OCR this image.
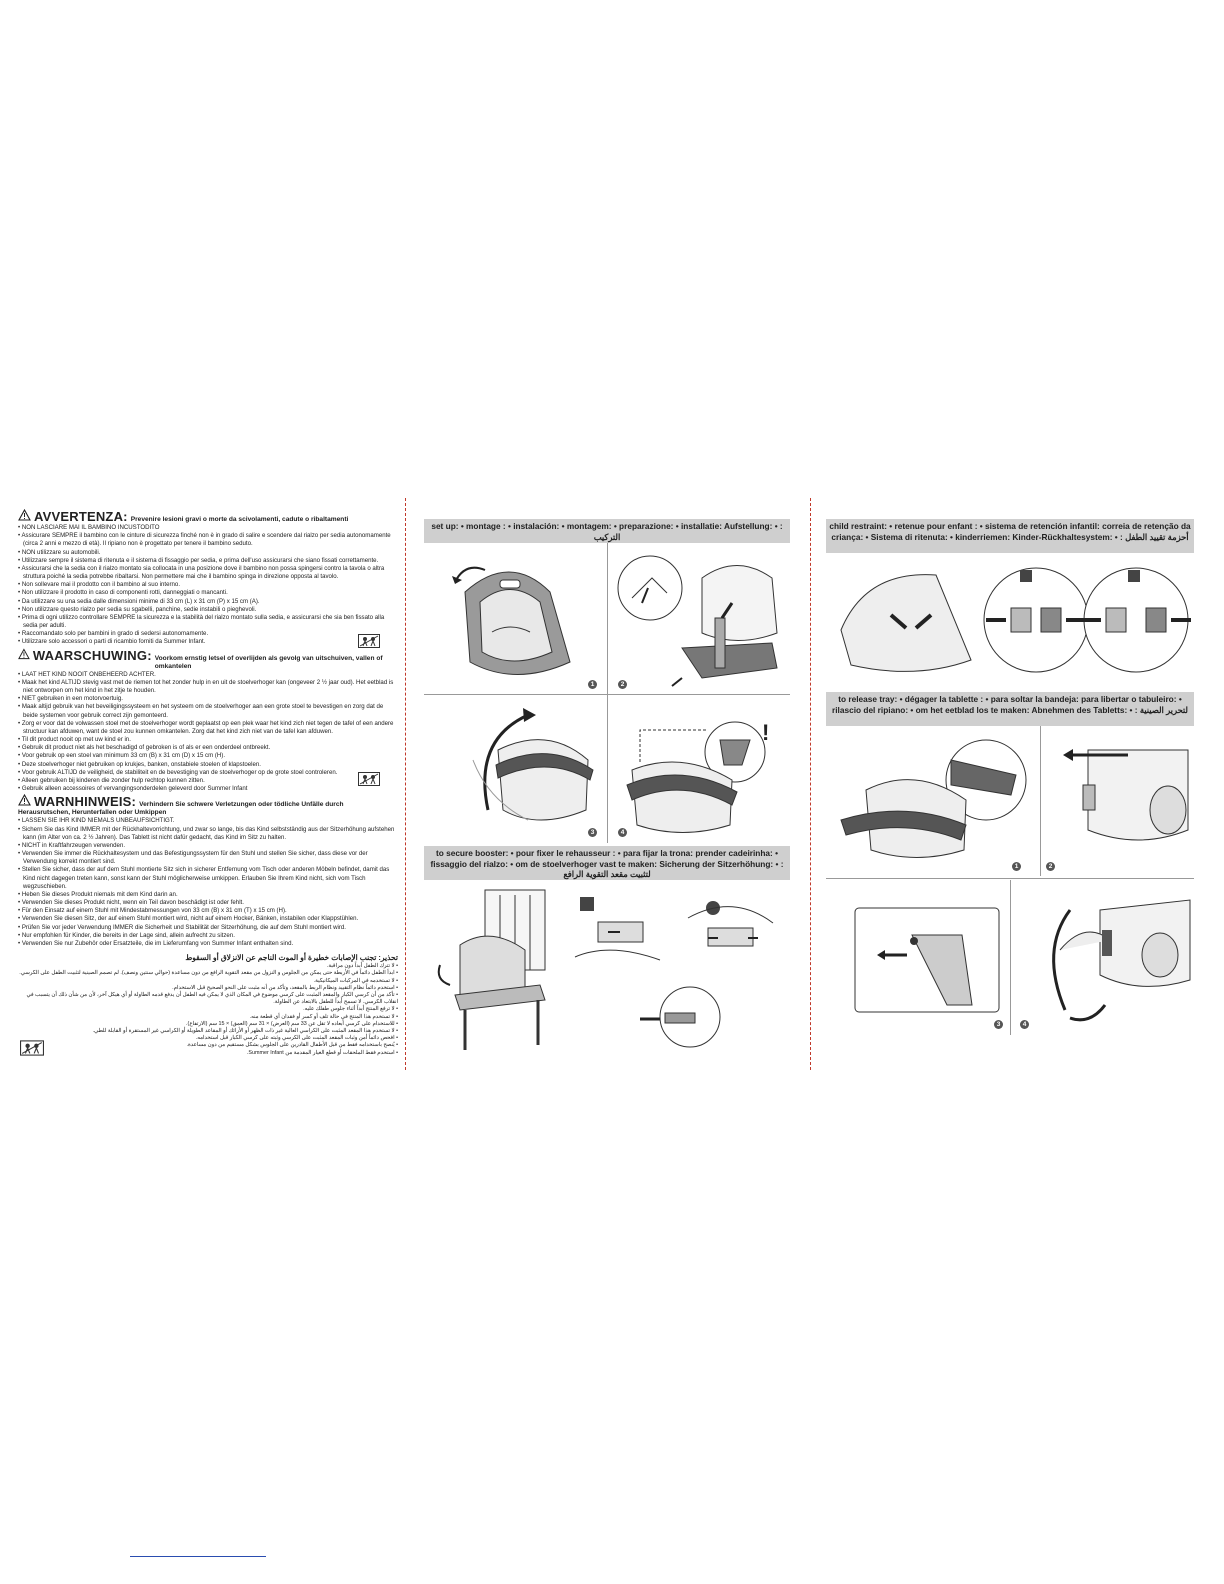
AVVERTENZA: Prevenire lesioni gravi o morte da scivolamenti, cadute o ribaltamenti

• NON LASCIARE MAI IL BAMBINO INCUSTODITO

• Assicurare SEMPRE il bambino con le cinture di sicurezza finché non è in grado di salire e scendere dal rialzo per sedia autonomamente (circa 2 anni e mezzo di età). Il ripiano non è progettato per tenere il bambino seduto.

• NON utilizzare su automobili.

• Utilizzare sempre il sistema di ritenuta e il sistema di fissaggio per sedia, e prima dell'uso assicurarsi che siano fissati correttamente.

• Assicurarsi che la sedia con il rialzo montato sia collocata in una posizione dove il bambino non possa spingersi contro la tavola o altra struttura poiché la sedia potrebbe ribaltarsi. Non permettere mai che il bambino spinga in direzione opposta al tavolo.

• Non sollevare mai il prodotto con il bambino al suo interno.

• Non utilizzare il prodotto in caso di componenti rotti, danneggiati o mancanti.

• Da utilizzare su una sedia dalle dimensioni minime di 33 cm (L) x 31 cm (P) x 15 cm (A).

• Non utilizzare questo rialzo per sedia su sgabelli, panchine, sedie instabili o pieghevoli.

• Prima di ogni utilizzo controllare SEMPRE la sicurezza e la stabilità del rialzo montato sulla sedia, e assicurarsi che sia ben fissato alla sedia per adulti.

• Raccomandato solo per bambini in grado di sedersi autonomamente.

• Utilizzare solo accessori o parti di ricambio forniti da Summer Infant.

WAARSCHUWING: Voorkom ernstig letsel of overlijden als gevolg van uitschuiven, vallen of omkantelen

• LAAT HET KIND NOOIT ONBEHEERD ACHTER.

• Maak het kind ALTIJD stevig vast met de riemen tot het zonder hulp in en uit de stoelverhoger kan (ongeveer 2 ½ jaar oud). Het eetblad is niet ontworpen om het kind in het zitje te houden.

• NIET gebruiken in een motorvoertuig.

• Maak altijd gebruik van het beveiligingssysteem en het systeem om de stoelverhoger aan een grote stoel te bevestigen en zorg dat de beide systemen voor gebruik correct zijn gemonteerd.

• Zorg er voor dat de volwassen stoel met de stoelverhoger wordt geplaatst op een plek waar het kind zich niet tegen de tafel of een andere structuur kan afduwen, want de stoel zou kunnen omkantelen. Zorg dat het kind zich niet van de tafel kan afduwen.

• Til dit product nooit op met uw kind er in.

• Gebruik dit product niet als het beschadigd of gebroken is of als er een onderdeel ontbreekt.

• Voor gebruik op een stoel van minimum 33 cm (B) x 31 cm (D) x 15 cm (H).

• Deze stoelverhoger niet gebruiken op krukjes, banken, onstabiele stoelen of klapstoelen.

• Voor gebruik ALTIJD de veiligheid, de stabiliteit en de bevestiging van de stoelverhoger op de grote stoel controleren.

• Alleen gebruiken bij kinderen die zonder hulp rechtop kunnen zitten.

• Gebruik alleen accessoires of vervangingsonderdelen geleverd door Summer Infant

WARNHINWEIS: Verhindern Sie schwere Verletzungen oder tödliche Unfälle durch

Herausrutschen, Herunterfallen oder Umkippen

• LASSEN SIE IHR KIND NIEMALS UNBEAUFSICHTIGT.

• Sichern Sie das Kind IMMER mit der Rückhaltevorrichtung, und zwar so lange, bis das Kind selbstständig aus der Sitzerhöhung aufstehen kann (im Alter von ca. 2 ½ Jahren). Das Tablett ist nicht dafür gedacht, das Kind im Sitz zu halten.

• NICHT in Kraftfahrzeugen verwenden.

• Verwenden Sie immer die Rückhaltesystem und das Befestigungssystem für den Stuhl und stellen Sie sicher, dass diese vor der Verwendung korrekt montiert sind.

• Stellen Sie sicher, dass der auf dem Stuhl montierte Sitz sich in sicherer Entfernung vom Tisch oder anderen Möbeln befindet, damit das Kind nicht dagegen treten kann, sonst kann der Stuhl möglicherweise umkippen. Erlauben Sie Ihrem Kind nicht, sich vom Tisch wegzuschieben.

• Heben Sie dieses Produkt niemals mit dem Kind darin an.

• Verwenden Sie dieses Produkt nicht, wenn ein Teil davon beschädigt ist oder fehlt.

• Für den Einsatz auf einem Stuhl mit Mindestabmessungen von 33 cm (B) x 31 cm (T) x 15 cm (H).

• Verwenden Sie diesen Sitz, der auf einem Stuhl montiert wird, nicht auf einem Hocker, Bänken, instabilen oder Klappstühlen.

• Prüfen Sie vor jeder Verwendung IMMER die Sicherheit und Stabilität der Sitzerhöhung, die auf dem Stuhl montiert wird.

• Nur empfohlen für Kinder, die bereits in der Lage sind, allein aufrecht zu sitzen.

• Verwenden Sie nur Zubehör oder Ersatzteile, die im Lieferumfang von Summer Infant enthalten sind.

تحذير: تجنب الإصابات خطيرة أو الموت الناجم عن الانزلاق أو السقوط

• لا تترك الطفل أبداً دون مراقبة.

• ابدأ الطفل دائماً في الأربطة حتى يمكن من الجلوس و النزول من مقعد التقوية الرافع من دون مساعدة (حوالي سنتين ونصف). لم تصمم الصينية لتثبيت الطفل على الكرسي.

• لا تستخدمه في المركبات الميكانيكية.

• استخدم دائماً نظام التقييد ونظام الربط بالمقعد، وتأكد من أنه مثبت على النحو الصحيح قبل الاستخدام.

• تأكد من أن كرسي الكبار والمقعد المثبت على كرسي موضوع في المكان الذي لا يمكن فيه الطفل أن يدفع قدمه الطاولة أو أي هيكل آخر، لأن من شأن ذلك أن يتسبب في انقلاب الكرسي. لا تسمح أبداً للطفل بالابتعاد عن الطاولة.

• لا ترفع المنتج أبداً أثناء جلوس طفلك عليه.

• لا تستخدم هذا المنتج في حالة تلف أو كسر أو فقدان أي قطعة منه.

• للاستخدام على كرسي أبعاده لا تقل عن 33 سم (العرض) × 31 سم (العمق) × 15 سم (الارتفاع).

• لا تستخدم هذا المقعد المثبت على الكراسي العالية غير ذات الظهر أو الأرائك أو المقاعد الطويلة أو الكراسي غير المستقرة أو القابلة للطي.

• افحص دائماً أمن وثبات المقعد المثبت على الكرسي وثبته على كرسي الكبار قبل استخدامه.

• يُنصح باستخدامه فقط من قبل الأطفال القادرين على الجلوس بشكل مستقيم من دون مساعدة.

• استخدم فقط الملحقات أو قطع الغيار المقدمة من Summer Infant.

set up: • montage : • instalación: • montagem: • preparazione: • installatie: Aufstellung: • : التركيب
1	2
3
!
4
to secure booster: • pour fixer le rehausseur : • para fijar la trona: prender cadeirinha: • fissaggio del rialzo: • om de stoelverhoger vast te maken: Sicherung der Sitzerhöhung: • : لتثبيت مقعد التقوية الرافع
child restraint: • retenue pour enfant : • sistema de retención infantil: correia de retenção da criança: • Sistema di ritenuta: • kinderriemen: Kinder-Rückhaltesystem: • : أحزمة تقييد الطفل
to release tray: • dégager la tablette : • para soltar la bandeja: para libertar o tabuleiro: • rilascio del ripiano: • om het eetblad los te maken: Abnehmen des Tabletts: • : لتحرير الصينية
1	2
3	4
